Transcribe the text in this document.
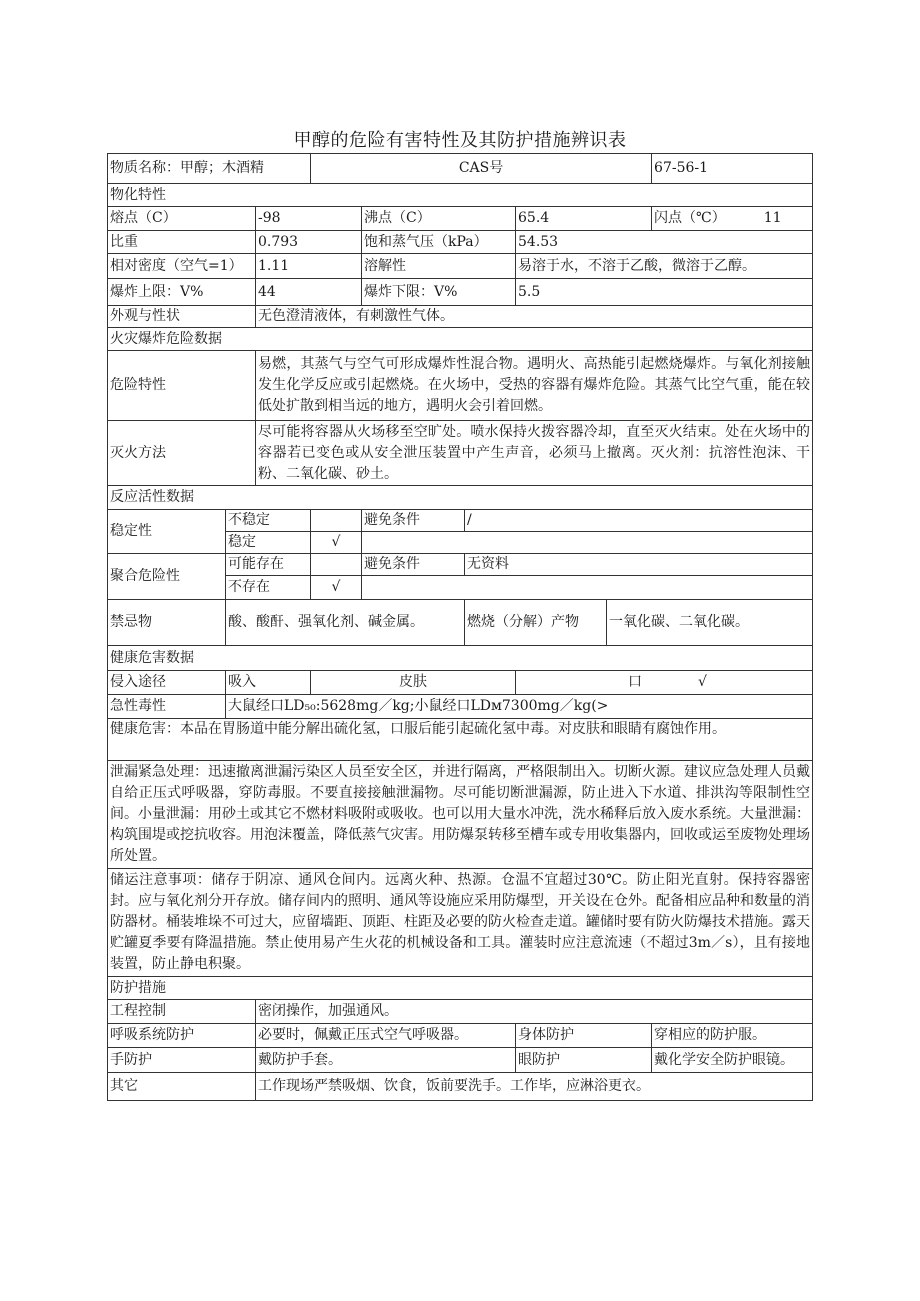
甲醇的危险有害特性及其防护措施辨识表
物质名称：甲醇；木酒精			CAS号					67-56-1
物化特性								
熔点（C）		-98		沸点（C）		65.4		闪点（℃） 11
比重		0.793		饱和蒸气压（kPa）		54.53		
相对密度（空气=1）		1.11		溶解性		易溶于水，不溶于乙酸，微溶于乙醇。		
爆炸上限：V%		44		爆炸下限：V%		5.5		
外观与性状		无色澄清液体，有刺激性气体。						
火灾爆炸危险数据								
危险特性		易燃，其蒸气与空气可形成爆炸性混合物。遇明火、高热能引起燃烧爆炸。与氧化剂接触发生化学反应或引起燃烧。在火场中，受热的容器有爆炸危险。其蒸气比空气重，能在较低处扩散到相当远的地方，遇明火会引着回燃。						
灭火方法		尽可能将容器从火场移至空旷处。喷水保持火拨容器冷却，直至灭火结束。处在火场中的容器若已变色或从安全泄压装置中产生声音，必须马上撤离。灭火剂：抗溶性泡沫、干粉、二氧化碳、砂土。						
反应活性数据								
稳定性	不稳定			避免条件	/			
	稳定		√					
聚合危险性	可能存在			避免条件	无资料			
	不存在		√					
禁忌物	酸、酸酐、强氧化剂、碱金属。				燃烧（分解）产物		一氧化碳、二氧化碳。	
健康危害数据								
侵入途径	吸入		皮肤			口 √		
急性毒性	大鼠经口LD₅₀:5628mg／kg;小鼠经口LDм7300mg／kg(>							
健康危害：本品在胃肠道中能分解出硫化氢，口服后能引起硫化氢中毒。对皮肤和眼睛有腐蚀作用。								
泄漏紧急处理：迅速撤离泄漏污染区人员至安全区，并进行隔离，严格限制出入。切断火源。建议应急处理人员戴自给正压式呼吸器，穿防毒服。不要直接接触泄漏物。尽可能切断泄漏源，防止进入下水道、排洪沟等限制性空间。小量泄漏：用砂土或其它不燃材料吸附或吸收。也可以用大量水冲洗，洗水稀释后放入废水系统。大量泄漏：构筑围堤或挖抗收容。用泡沫覆盖，降低蒸气灾害。用防爆泵转移至槽车或专用收集器内，回收或运至废物处理场所处置。								
储运注意事项：储存于阴凉、通风仓间内。远离火种、热源。仓温不宜超过30℃。防止阳光直射。保持容器密封。应与氧化剂分开存放。储存间内的照明、通风等设施应采用防爆型，开关设在仓外。配备相应品种和数量的消防器材。桶装堆垛不可过大，应留墙距、顶距、柱距及必要的防火检查走道。罐储时要有防火防爆技术措施。露天贮罐夏季要有降温措施。禁止使用易产生火花的机械设备和工具。灌装时应注意流速（不超过3m／s），且有接地装置，防止静电积聚。								
防护措施								
工程控制		密闭操作，加强通风。						
呼吸系统防护		必要时，佩戴正压式空气呼吸器。				身体防护		穿相应的防护服。
手防护		戴防护手套。				眼防护		戴化学安全防护眼镜。
其它		工作现场严禁吸烟、饮食，饭前要洗手。工作毕，应淋浴更衣。						
